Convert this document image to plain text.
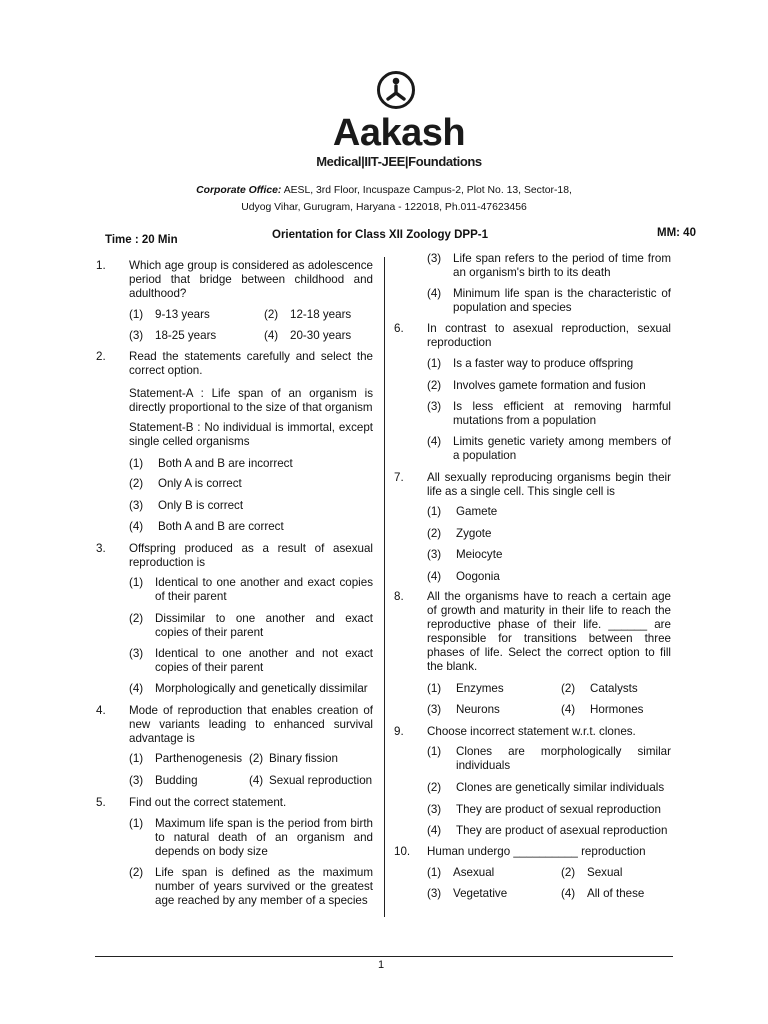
Aakash
Medical|IIT-JEE|Foundations
Corporate Office: AESL, 3rd Floor, Incuspaze Campus-2, Plot No. 13, Sector-18,
Udyog Vihar, Gurugram, Haryana - 122018, Ph.011-47623456
Time : 20 Min	Orientation for Class XII Zoology DPP-1	MM: 40
1. Which age group is considered as adolescence period that bridge between childhood and adulthood?
(1) 9-13 years	(2) 12-18 years
(3) 18-25 years	(4) 20-30 years
2. Read the statements carefully and select the correct option.
Statement-A : Life span of an organism is directly proportional to the size of that organism
Statement-B : No individual is immortal, except single celled organisms
(1) Both A and B are incorrect
(2) Only A is correct
(3) Only B is correct
(4) Both A and B are correct
3. Offspring produced as a result of asexual reproduction is
(1) Identical to one another and exact copies of their parent
(2) Dissimilar to one another and exact copies of their parent
(3) Identical to one another and not exact copies of their parent
(4) Morphologically and genetically dissimilar
4. Mode of reproduction that enables creation of new variants leading to enhanced survival advantage is
(1) Parthenogenesis (2) Binary fission
(3) Budding	(4) Sexual reproduction
5. Find out the correct statement.
(1) Maximum life span is the period from birth to natural death of an organism and depends on body size
(2) Life span is defined as the maximum number of years survived or the greatest age reached by any member of a species
(3) Life span refers to the period of time from an organism's birth to its death
(4) Minimum life span is the characteristic of population and species
6. In contrast to asexual reproduction, sexual reproduction
(1) Is a faster way to produce offspring
(2) Involves gamete formation and fusion
(3) Is less efficient at removing harmful mutations from a population
(4) Limits genetic variety among members of a population
7. All sexually reproducing organisms begin their life as a single cell. This single cell is
(1) Gamete
(2) Zygote
(3) Meiocyte
(4) Oogonia
8. All the organisms have to reach a certain age of growth and maturity in their life to reach the reproductive phase of their life. ______ are responsible for transitions between three phases of life. Select the correct option to fill the blank.
(1) Enzymes	(2) Catalysts
(3) Neurons	(4) Hormones
9. Choose incorrect statement w.r.t. clones.
(1) Clones are morphologically similar individuals
(2) Clones are genetically similar individuals
(3) They are product of sexual reproduction
(4) They are product of asexual reproduction
10. Human undergo __________ reproduction
(1) Asexual	(2) Sexual
(3) Vegetative	(4) All of these
1
